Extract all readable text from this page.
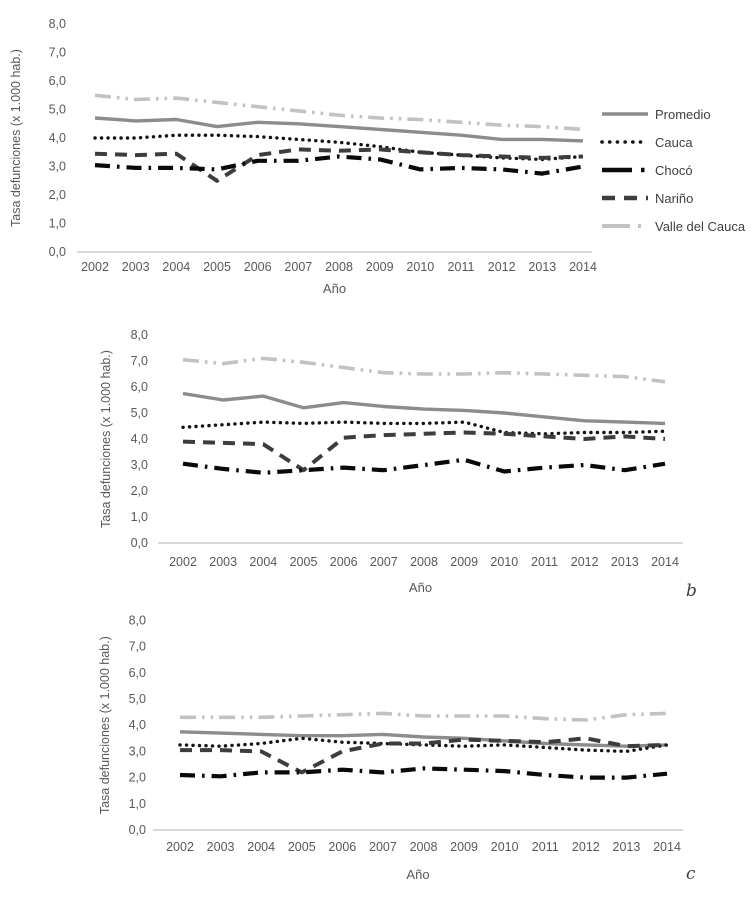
0,0
1,0
2,0
3,0
4,0
5,0
6,0
7,0
8,0
Tasa defunciones (x 1.000 hab.)
2002 2003 2004 2005 2006 2007 2008 2009 2010 2011 2012 2013 2014
Año
0,0
1,0
2,0
3,0
4,0
5,0
6,0
7,0
8,0
Tasa defunciones (x 1.000 hab.)
2002 2003 2004 2005 2006 2007 2008 2009 2010 2011 2012 2013 2014
Año
0,0
1,0
2,0
3,0
4,0
5,0
6,0
7,0
8,0
Tasa defunciones (x 1.000 hab.)
2002 2003 2004 2005 2006 2007 2008 2009 2010 2011 2012 2013 2014
Año
Promedio
Cauca
Chocó
Nariño
Valle del Cauca
b
c
